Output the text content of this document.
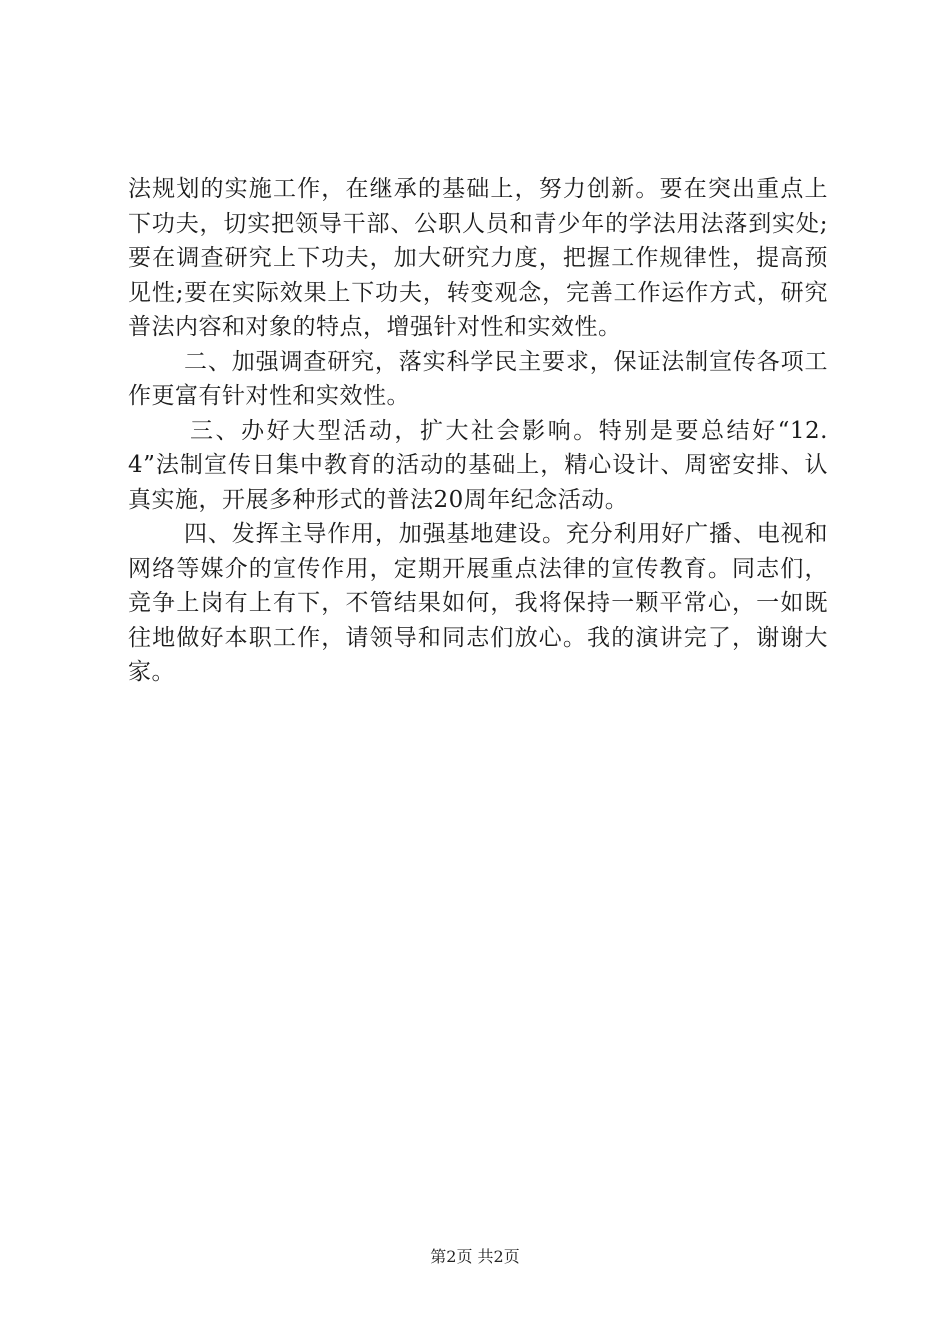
法规划的实施工作，在继承的基础上，努力创新。要在突出重点上下功夫，切实把领导干部、公职人员和青少年的学法用法落到实处;要在调查研究上下功夫，加大研究力度，把握工作规律性，提高预见性;要在实际效果上下功夫，转变观念，完善工作运作方式，研究普法内容和对象的特点，增强针对性和实效性。

二、加强调查研究，落实科学民主要求，保证法制宣传各项工作更富有针对性和实效性。

三、办好大型活动，扩大社会影响。特别是要总结好“12.4”法制宣传日集中教育的活动的基础上，精心设计、周密安排、认真实施，开展多种形式的普法20周年纪念活动。

四、发挥主导作用，加强基地建设。充分利用好广播、电视和网络等媒介的宣传作用，定期开展重点法律的宣传教育。同志们，竞争上岗有上有下，不管结果如何，我将保持一颗平常心，一如既往地做好本职工作，请领导和同志们放心。我的演讲完了，谢谢大家。

第2页 共2页
